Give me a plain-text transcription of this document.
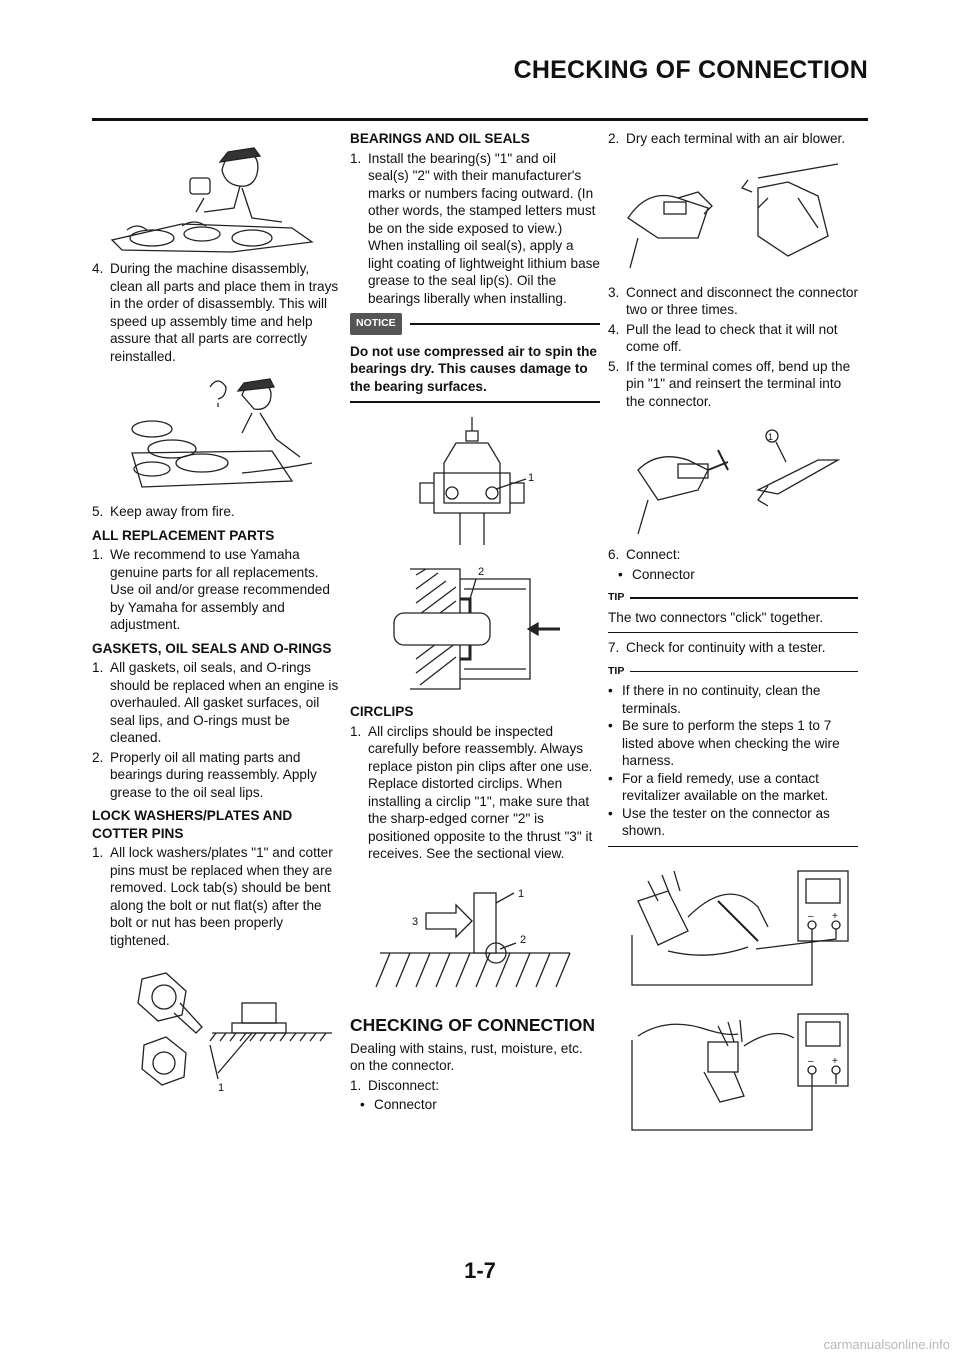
CHECKING OF CONNECTION
4. During the machine disassembly, clean all parts and place them in trays in the order of disassembly. This will speed up assembly time and help assure that all parts are correctly reinstalled.
5. Keep away from fire.
ALL REPLACEMENT PARTS
1. We recommend to use Yamaha genuine parts for all replacements. Use oil and/or grease recommended by Yamaha for assembly and adjustment.
GASKETS, OIL SEALS AND O-RINGS
1. All gaskets, oil seals, and O-rings should be replaced when an engine is overhauled. All gasket surfaces, oil seal lips, and O-rings must be cleaned.
2. Properly oil all mating parts and bearings during reassembly. Apply grease to the oil seal lips.
LOCK WASHERS/PLATES AND COTTER PINS
1. All lock washers/plates "1" and cotter pins must be replaced when they are removed. Lock tab(s) should be bent along the bolt or nut flat(s) after the bolt or nut has been properly tightened.
1
BEARINGS AND OIL SEALS
1. Install the bearing(s) "1" and oil seal(s) "2" with their manufacturer's marks or numbers facing outward. (In other words, the stamped letters must be on the side exposed to view.) When installing oil seal(s), apply a light coating of lightweight lithium base grease to the seal lip(s). Oil the bearings liberally when installing.
NOTICE
Do not use compressed air to spin the bearings dry. This causes damage to the bearing surfaces.
1
2
CIRCLIPS
1. All circlips should be inspected carefully before reassembly. Always replace piston pin clips after one use. Replace distorted circlips. When installing a circlip "1", make sure that the sharp-edged corner "2" is positioned opposite to the thrust "3" it receives. See the sectional view.
1
2
3
CHECKING OF CONNECTION
Dealing with stains, rust, moisture, etc. on the connector.
1. Disconnect:
• Connector
2. Dry each terminal with an air blower.
3. Connect and disconnect the connector two or three times.
4. Pull the lead to check that it will not come off.
5. If the terminal comes off, bend up the pin "1" and reinsert the terminal into the connector.
1
6. Connect:
• Connector
TIP
The two connectors "click" together.
7. Check for continuity with a tester.
TIP
• If there in no continuity, clean the terminals.
• Be sure to perform the steps 1 to 7 listed above when checking the wire harness.
• For a field remedy, use a contact revitalizer available on the market.
• Use the tester on the connector as shown.
– +
– +
1-7
carmanualsonline.info
